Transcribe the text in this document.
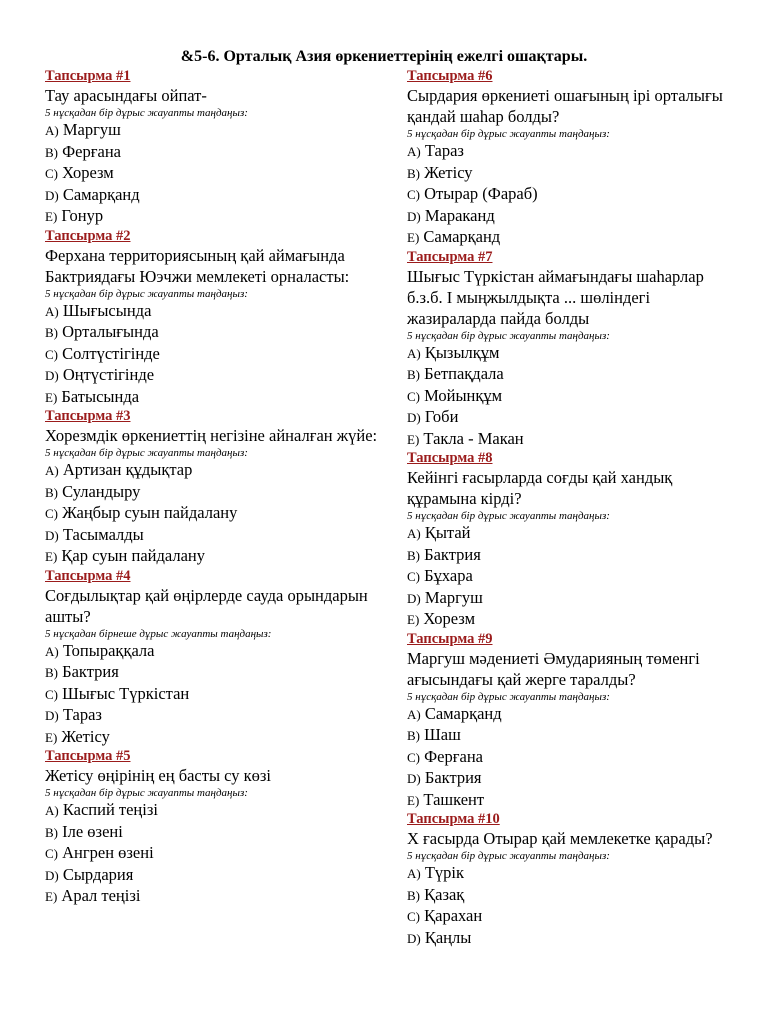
&5-6. Орталық Азия өркениеттерінің ежелгі ошақтары.
Тапсырма #1
Тау арасындағы ойпат-
5 нұсқадан бір дұрыс жауапты таңдаңыз:
A) Маргуш
B) Ферғана
C) Хорезм
D) Самарқанд
E) Гонур
Тапсырма #2
Ферхана территориясының қай аймағында Бактриядағы Юэчжи мемлекеті орналасты:
5 нұсқадан бір дұрыс жауапты таңдаңыз:
A) Шығысында
B) Орталығында
C) Солтүстігінде
D) Оңтүстігінде
E) Батысында
Тапсырма #3
Хорезмдік өркениеттің негізіне айналған жүйе:
5 нұсқадан бір дұрыс жауапты таңдаңыз:
A) Артизан құдықтар
B) Суландыру
C) Жаңбыр суын пайдалану
D) Тасымалды
E) Қар суын пайдалану
Тапсырма #4
Соғдылықтар қай өңірлерде сауда орындарын ашты?
5 нұсқадан бірнеше дұрыс жауапты таңдаңыз:
A) Топыраққала
B) Бактрия
C) Шығыс Түркістан
D) Тараз
E) Жетісу
Тапсырма #5
Жетісу өңірінің ең басты су көзі
5 нұсқадан бір дұрыс жауапты таңдаңыз:
A) Каспий теңізі
B) Іле өзені
C) Ангрен өзені
D) Сырдария
E) Арал теңізі
Тапсырма #6
Сырдария өркениеті ошағының ірі орталығы қандай шаһар болды?
5 нұсқадан бір дұрыс жауапты таңдаңыз:
A) Тараз
B) Жетісу
C) Отырар (Фараб)
D) Мараканд
E) Самарқанд
Тапсырма #7
Шығыс Түркістан аймағындағы шаһарлар б.з.б. І мыңжылдықта ... шөліндегі жазираларда пайда болды
5 нұсқадан бір дұрыс жауапты таңдаңыз:
A) Қызылқұм
B) Бетпақдала
C) Мойынқұм
D) Гоби
E) Такла - Макан
Тапсырма #8
Кейінгі ғасырларда соғды қай хандық құрамына кірді?
5 нұсқадан бір дұрыс жауапты таңдаңыз:
A) Қытай
B) Бактрия
C) Бұхара
D) Маргуш
E) Хорезм
Тапсырма #9
Маргуш мәдениеті Әмударияның төменгі ағысындағы қай жерге таралды?
5 нұсқадан бір дұрыс жауапты таңдаңыз:
A) Самарқанд
B) Шаш
C) Ферғана
D) Бактрия
E) Ташкент
Тапсырма #10
X ғасырда Отырар қай мемлекетке қарады?
5 нұсқадан бір дұрыс жауапты таңдаңыз:
A) Түрік
B) Қазақ
C) Қарахан
D) Қаңлы
